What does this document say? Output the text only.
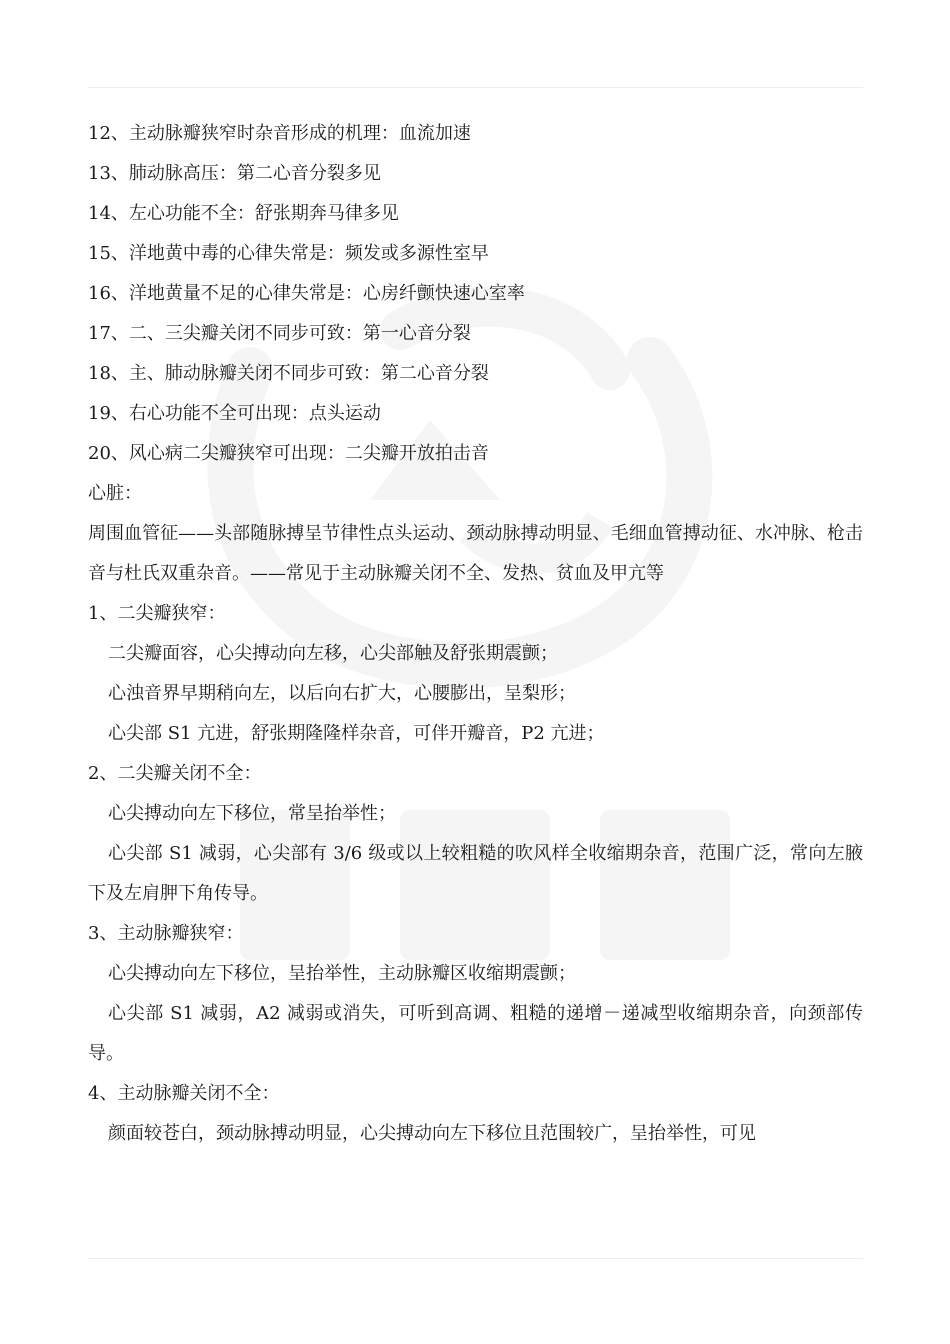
12、主动脉瓣狭窄时杂音形成的机理：血流加速

13、肺动脉高压：第二心音分裂多见

14、左心功能不全：舒张期奔马律多见

15、洋地黄中毒的心律失常是：频发或多源性室早

16、洋地黄量不足的心律失常是：心房纤颤快速心室率

17、二、三尖瓣关闭不同步可致：第一心音分裂

18、主、肺动脉瓣关闭不同步可致：第二心音分裂

19、右心功能不全可出现：点头运动

20、风心病二尖瓣狭窄可出现：二尖瓣开放拍击音

心脏：

周围血管征——头部随脉搏呈节律性点头运动、颈动脉搏动明显、毛细血管搏动征、水冲脉、枪击音与杜氏双重杂音。——常见于主动脉瓣关闭不全、发热、贫血及甲亢等

1、二尖瓣狭窄：

二尖瓣面容，心尖搏动向左移，心尖部触及舒张期震颤；

心浊音界早期稍向左，以后向右扩大，心腰膨出，呈梨形；

心尖部 S1 亢进，舒张期隆隆样杂音，可伴开瓣音，P2 亢进；

2、二尖瓣关闭不全：

心尖搏动向左下移位，常呈抬举性；

心尖部 S1 减弱，心尖部有 3/6 级或以上较粗糙的吹风样全收缩期杂音，范围广泛，常向左腋下及左肩胛下角传导。

3、主动脉瓣狭窄：

心尖搏动向左下移位，呈抬举性，主动脉瓣区收缩期震颤；

心尖部 S1 减弱，A2 减弱或消失，可听到高调、粗糙的递增－递减型收缩期杂音，向颈部传导。

4、主动脉瓣关闭不全：

颜面较苍白，颈动脉搏动明显，心尖搏动向左下移位且范围较广，呈抬举性，可见
